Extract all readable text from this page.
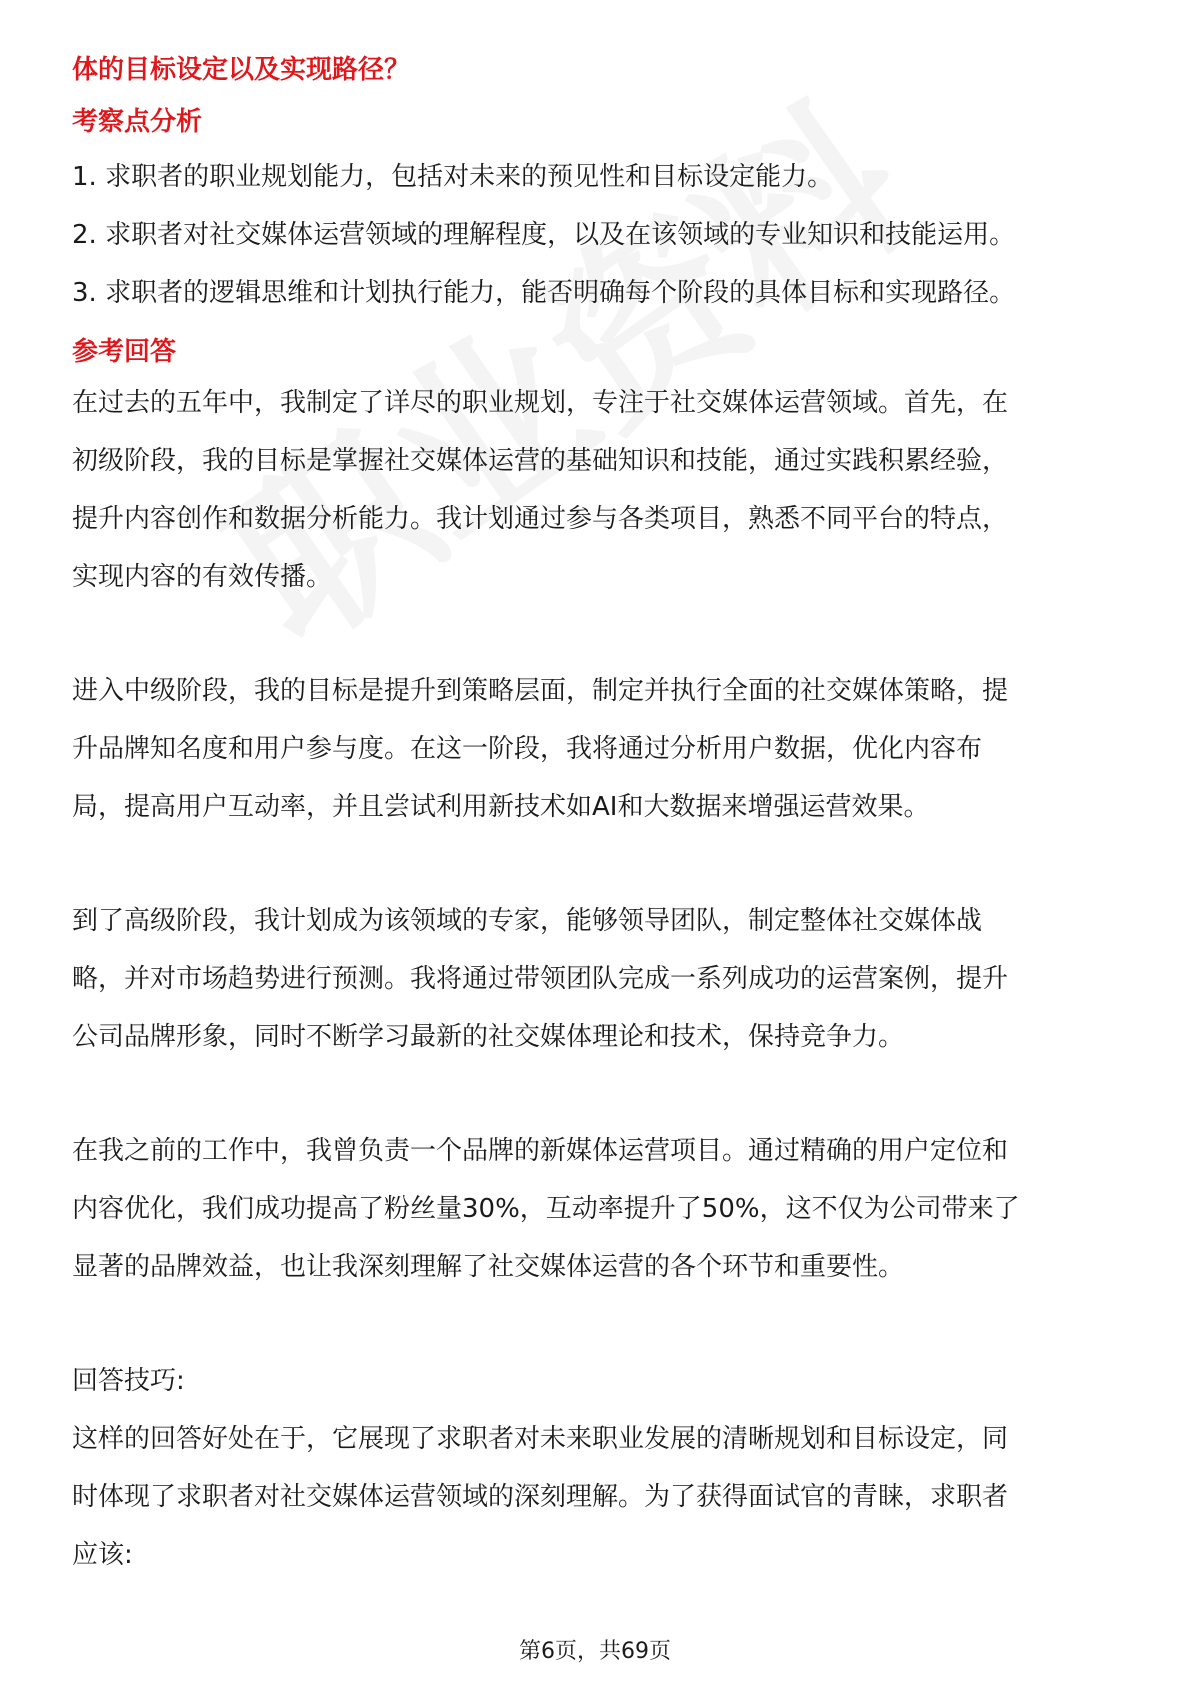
体的目标设定以及实现路径？

考察点分析

1. 求职者的职业规划能力，包括对未来的预见性和目标设定能力。
2. 求职者对社交媒体运营领域的理解程度，以及在该领域的专业知识和技能运用。
3. 求职者的逻辑思维和计划执行能力，能否明确每个阶段的具体目标和实现路径。

参考回答

在过去的五年中，我制定了详尽的职业规划，专注于社交媒体运营领域。首先，在

初级阶段，我的目标是掌握社交媒体运营的基础知识和技能，通过实践积累经验，

提升内容创作和数据分析能力。我计划通过参与各类项目，熟悉不同平台的特点，

实现内容的有效传播。

进入中级阶段，我的目标是提升到策略层面，制定并执行全面的社交媒体策略，提

升品牌知名度和用户参与度。在这一阶段，我将通过分析用户数据，优化内容布

局，提高用户互动率，并且尝试利用新技术如AI和大数据来增强运营效果。

到了高级阶段，我计划成为该领域的专家，能够领导团队，制定整体社交媒体战

略，并对市场趋势进行预测。我将通过带领团队完成一系列成功的运营案例，提升

公司品牌形象，同时不断学习最新的社交媒体理论和技术，保持竞争力。

在我之前的工作中，我曾负责一个品牌的新媒体运营项目。通过精确的用户定位和

内容优化，我们成功提高了粉丝量30%，互动率提升了50%，这不仅为公司带来了

显著的品牌效益，也让我深刻理解了社交媒体运营的各个环节和重要性。

回答技巧:

这样的回答好处在于，它展现了求职者对未来职业发展的清晰规划和目标设定，同

时体现了求职者对社交媒体运营领域的深刻理解。为了获得面试官的青睐，求职者

应该:

第6页，共69页
